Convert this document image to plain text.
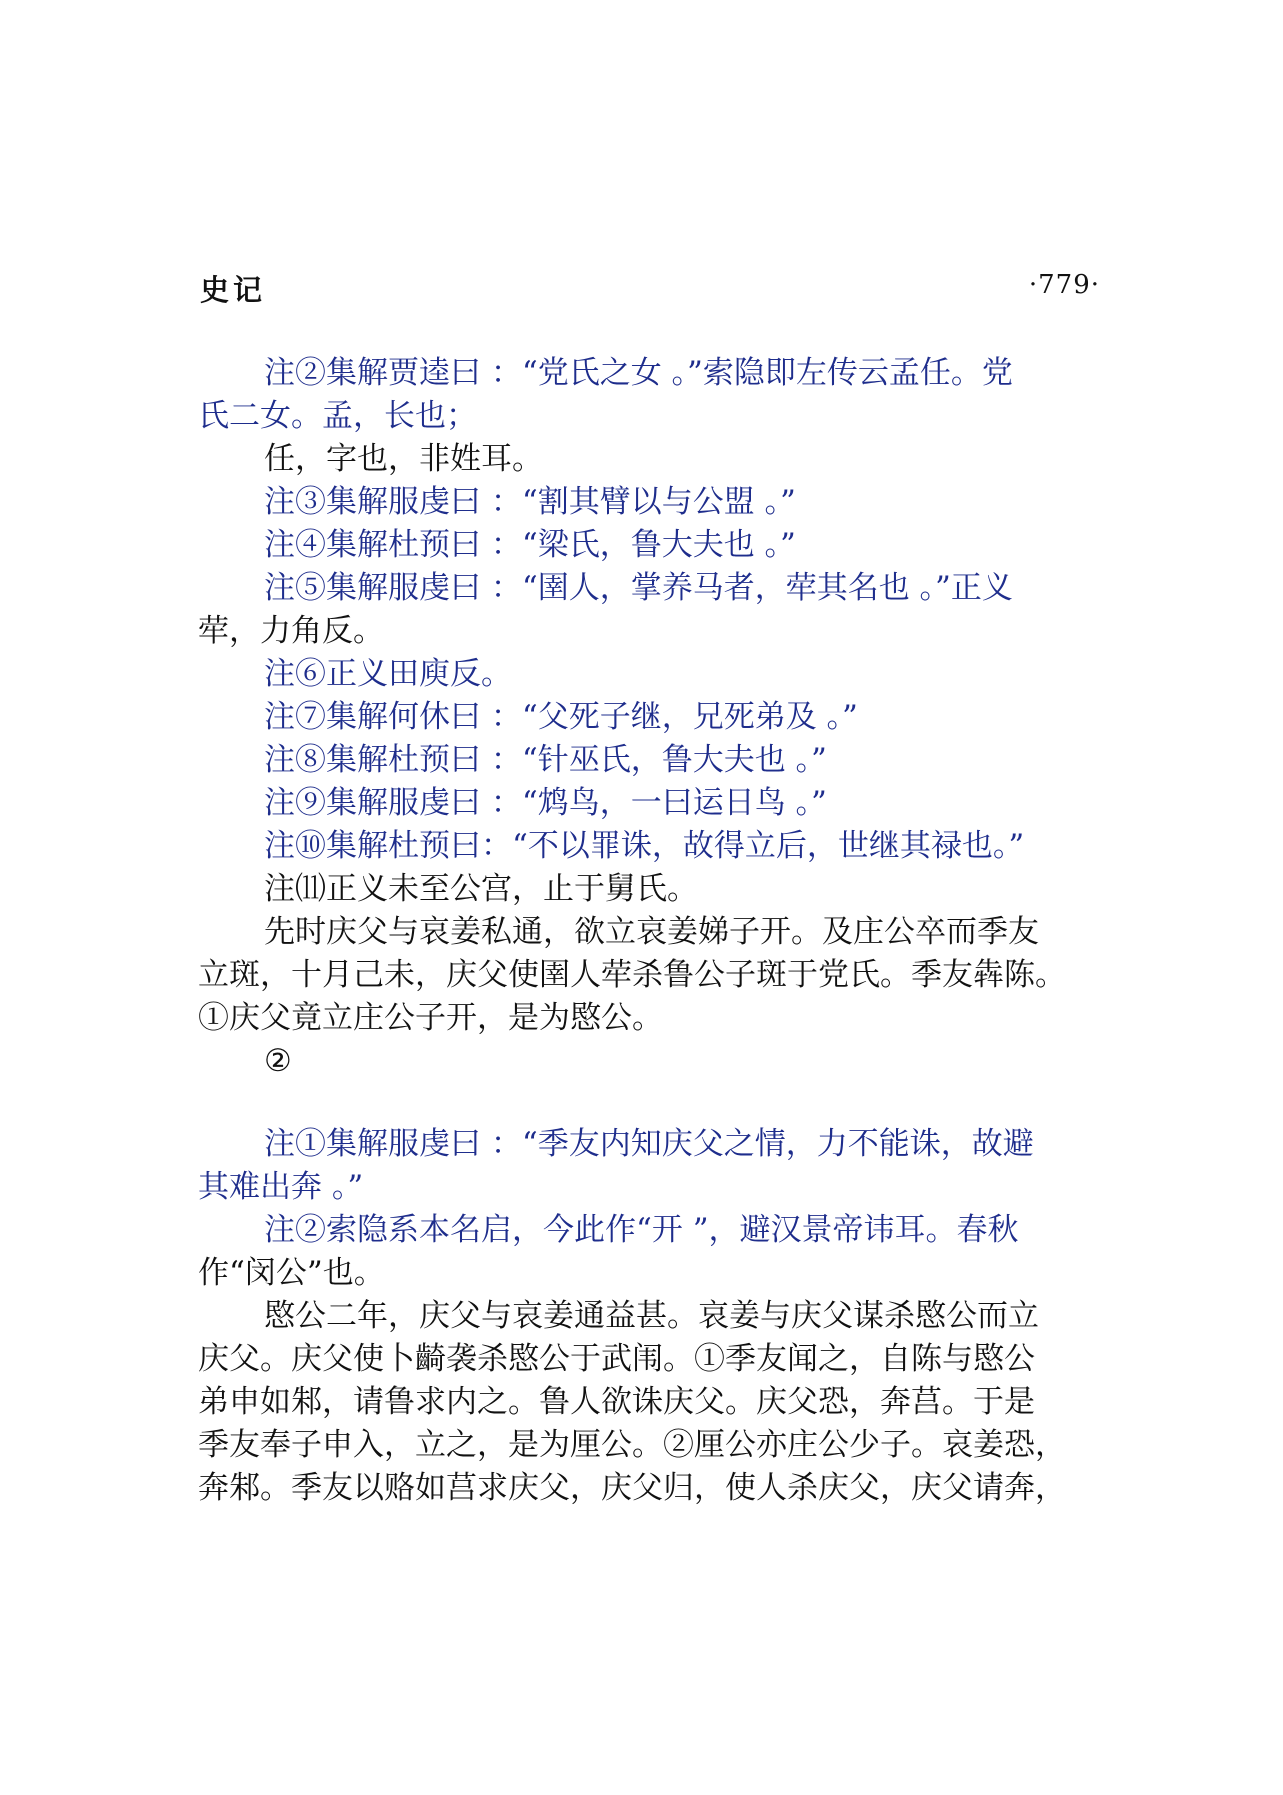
史记	·779·
注②集解贾逵曰 ：“党氏之女 。”索隐即左传云孟任。党
氏二女。孟，长也；
任，字也，非姓耳。
注③集解服虔曰 ：“割其臂以与公盟 。”
注④集解杜预曰 ：“梁氏，鲁大夫也 。”
注⑤集解服虔曰 ：“圉人，掌养马者，荦其名也 。”正义
荦，力角反。
注⑥正义田庾反。
注⑦集解何休曰 ：“父死子继，兄死弟及 。”
注⑧集解杜预曰 ：“针巫氏，鲁大夫也 。”
注⑨集解服虔曰 ：“鸩鸟，一曰运日鸟 。”
注⑩集解杜预曰：“不以罪诛，故得立后，世继其禄也。”
注⑾正义未至公宫，止于舅氏。
先时庆父与哀姜私通，欲立哀姜娣子开。及庄公卒而季友
立斑，十月己未，庆父使圉人荦杀鲁公子斑于党氏。季友犇陈。
①庆父竟立庄公子开，是为愍公。
②
注①集解服虔曰 ：“季友内知庆父之情，力不能诛，故避
其难出奔 。”
注②索隐系本名启，今此作“开 ”，避汉景帝讳耳。春秋
作“闵公”也。
愍公二年，庆父与哀姜通益甚。哀姜与庆父谋杀愍公而立
庆父。庆父使卜齮袭杀愍公于武闱。①季友闻之，自陈与愍公
弟申如邾，请鲁求内之。鲁人欲诛庆父。庆父恐，奔莒。于是
季友奉子申入，立之，是为厘公。②厘公亦庄公少子。哀姜恐，
奔邾。季友以赂如莒求庆父，庆父归，使人杀庆父，庆父请奔，
